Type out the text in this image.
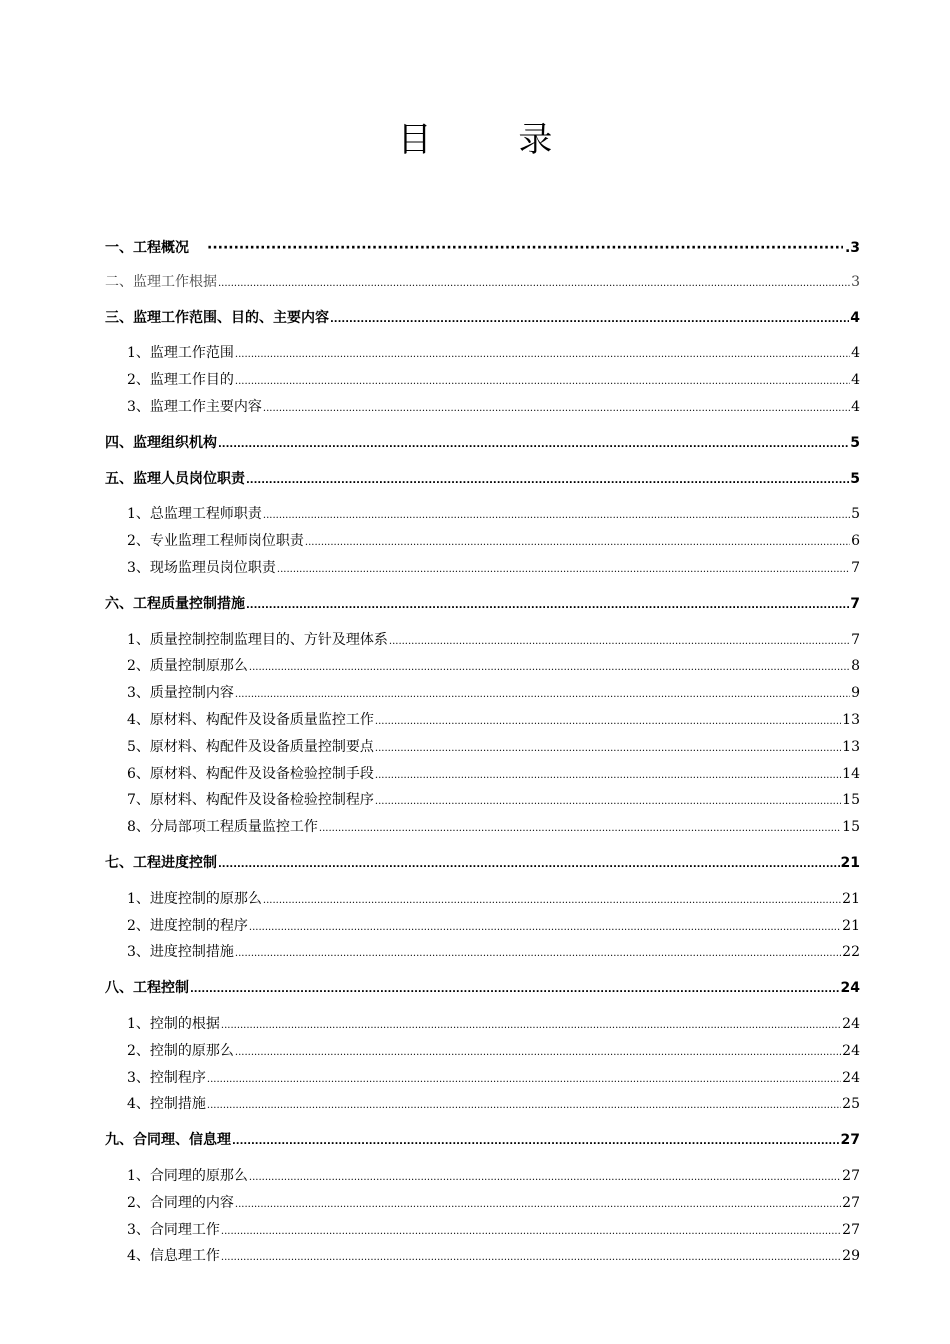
目 录
一、工程概况 ·····	.3
二、监理工作根据 .....	3
三、监理工作范围、目的、主要内容 .....	4
1、监理工作范围 .....	4
2、监理工作目的 .....	4
3、监理工作主要内容 .....	4
四、监理组织机构 .....	5
五、监理人员岗位职责 .....	5
1、总监理工程师职责 .....	5
2、专业监理工程师岗位职责 .....	6
3、现场监理员岗位职责 .....	7
六、工程质量控制措施 .....	7
1、质量控制控制监理目的、方针及理体系 .....	7
2、质量控制原那么 .....	8
3、质量控制内容 .....	9
4、原材料、构配件及设备质量监控工作 .....	13
5、原材料、构配件及设备质量控制要点 .....	13
6、原材料、构配件及设备检验控制手段 .....	14
7、原材料、构配件及设备检验控制程序 .....	15
8、分局部项工程质量监控工作 .....	15
七、工程进度控制 .....	21
1、进度控制的原那么 .....	21
2、进度控制的程序 .....	21
3、进度控制措施 .....	22
八、工程控制 .....	24
1、控制的根据 .....	24
2、控制的原那么 .....	24
3、控制程序 .....	24
4、控制措施 .....	25
九、合同理、信息理 .....	27
1、合同理的原那么 .....	27
2、合同理的内容 .....	27
3、合同理工作 .....	27
4、信息理工作 .....	29
